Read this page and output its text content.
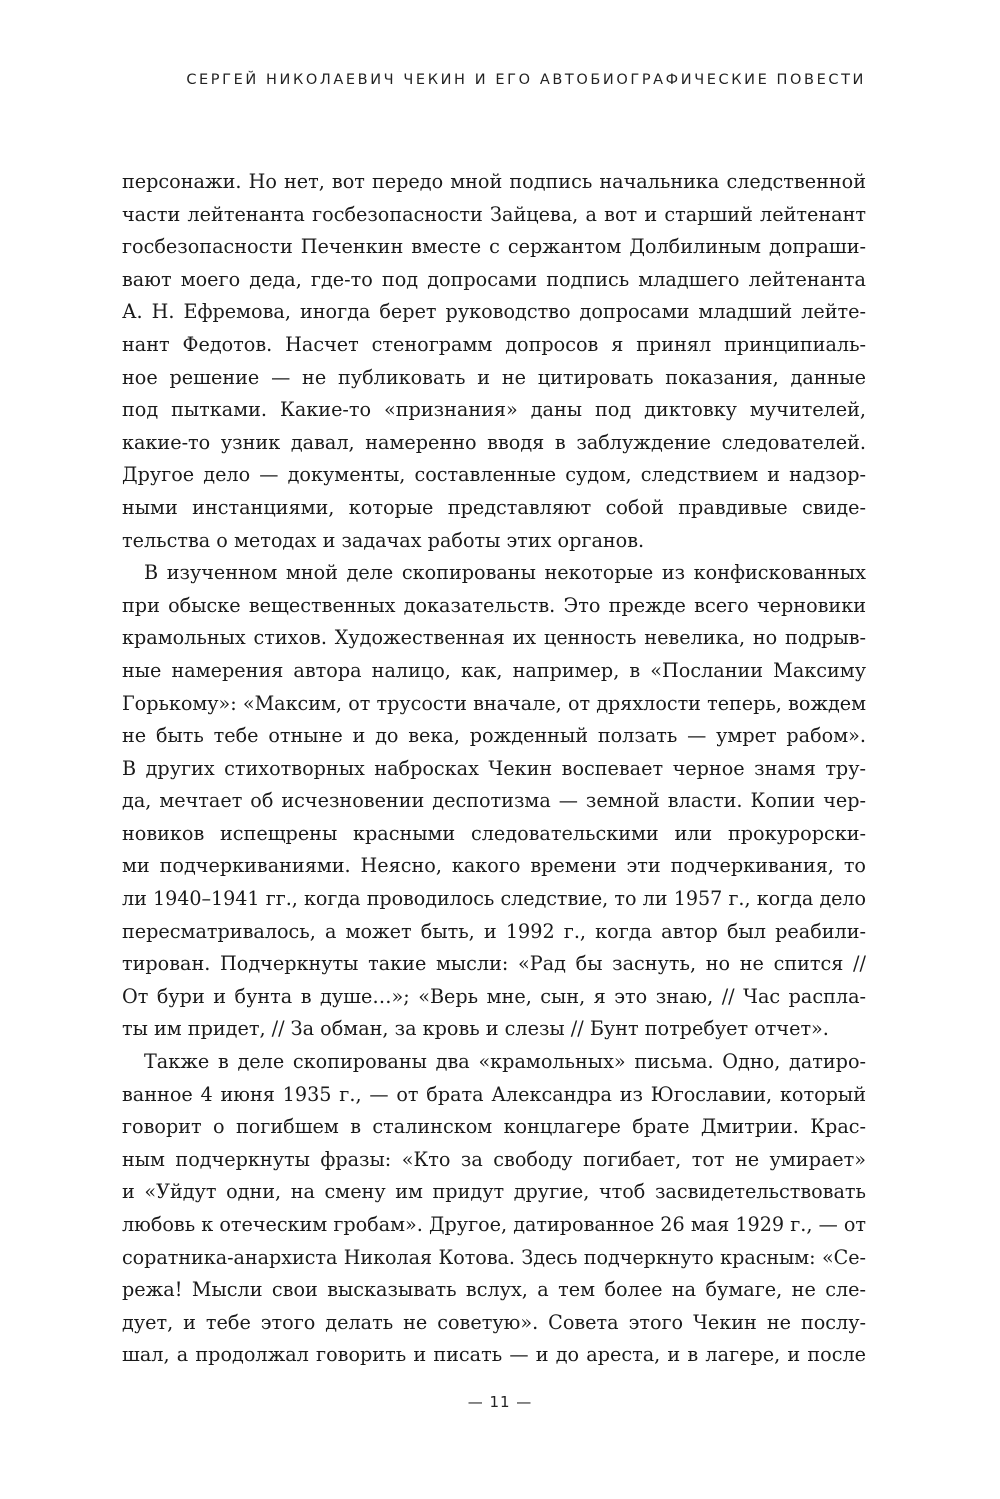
СЕРГЕЙ НИКОЛАЕВИЧ ЧЕКИН И ЕГО АВТОБИОГРАФИЧЕСКИЕ ПОВЕСТИ
персонажи. Но нет, вот передо мной подпись начальника следственной
части лейтенанта госбезопасности Зайцева, а вот и старший лейтенант
госбезопасности Печенкин вместе с сержантом Долбилиным допраши-
вают моего деда, где-то под допросами подпись младшего лейтенанта
А. Н. Ефремова, иногда берет руководство допросами младший лейте-
нант Федотов. Насчет стенограмм допросов я принял принципиаль-
ное решение — не публиковать и не цитировать показания, данные
под пытками. Какие-то «признания» даны под диктовку мучителей,
какие-то узник давал, намеренно вводя в заблуждение следователей.
Другое дело — документы, составленные судом, следствием и надзор-
ными инстанциями, которые представляют собой правдивые свиде-
тельства о методах и задачах работы этих органов.
В изученном мной деле скопированы некоторые из конфискованных
при обыске вещественных доказательств. Это прежде всего черновики
крамольных стихов. Художественная их ценность невелика, но подрыв-
ные намерения автора налицо, как, например, в «Послании Максиму
Горькому»: «Максим, от трусости вначале, от дряхлости теперь, вождем
не быть тебе отныне и до века, рожденный ползать — умрет рабом».
В других стихотворных набросках Чекин воспевает черное знамя тру-
да, мечтает об исчезновении деспотизма — земной власти. Копии чер-
новиков испещрены красными следовательскими или прокурорски-
ми подчеркиваниями. Неясно, какого времени эти подчеркивания, то
ли 1940–1941 гг., когда проводилось следствие, то ли 1957 г., когда дело
пересматривалось, а может быть, и 1992 г., когда автор был реабили-
тирован. Подчеркнуты такие мысли: «Рад бы заснуть, но не спится //
От бури и бунта в душе…»; «Верь мне, сын, я это знаю, // Час распла-
ты им придет, // За обман, за кровь и слезы // Бунт потребует отчет».
Также в деле скопированы два «крамольных» письма. Одно, датиро-
ванное 4 июня 1935 г., — от брата Александра из Югославии, который
говорит о погибшем в сталинском концлагере брате Дмитрии. Крас-
ным подчеркнуты фразы: «Кто за свободу погибает, тот не умирает»
и «Уйдут одни, на смену им придут другие, чтоб засвидетельствовать
любовь к отеческим гробам». Другое, датированное 26 мая 1929 г., — от
соратника-анархиста Николая Котова. Здесь подчеркнуто красным: «Се-
режа! Мысли свои высказывать вслух, а тем более на бумаге, не сле-
дует, и тебе этого делать не советую». Совета этого Чекин не послу-
шал, а продолжал говорить и писать — и до ареста, и в лагере, и после
— 11 —
